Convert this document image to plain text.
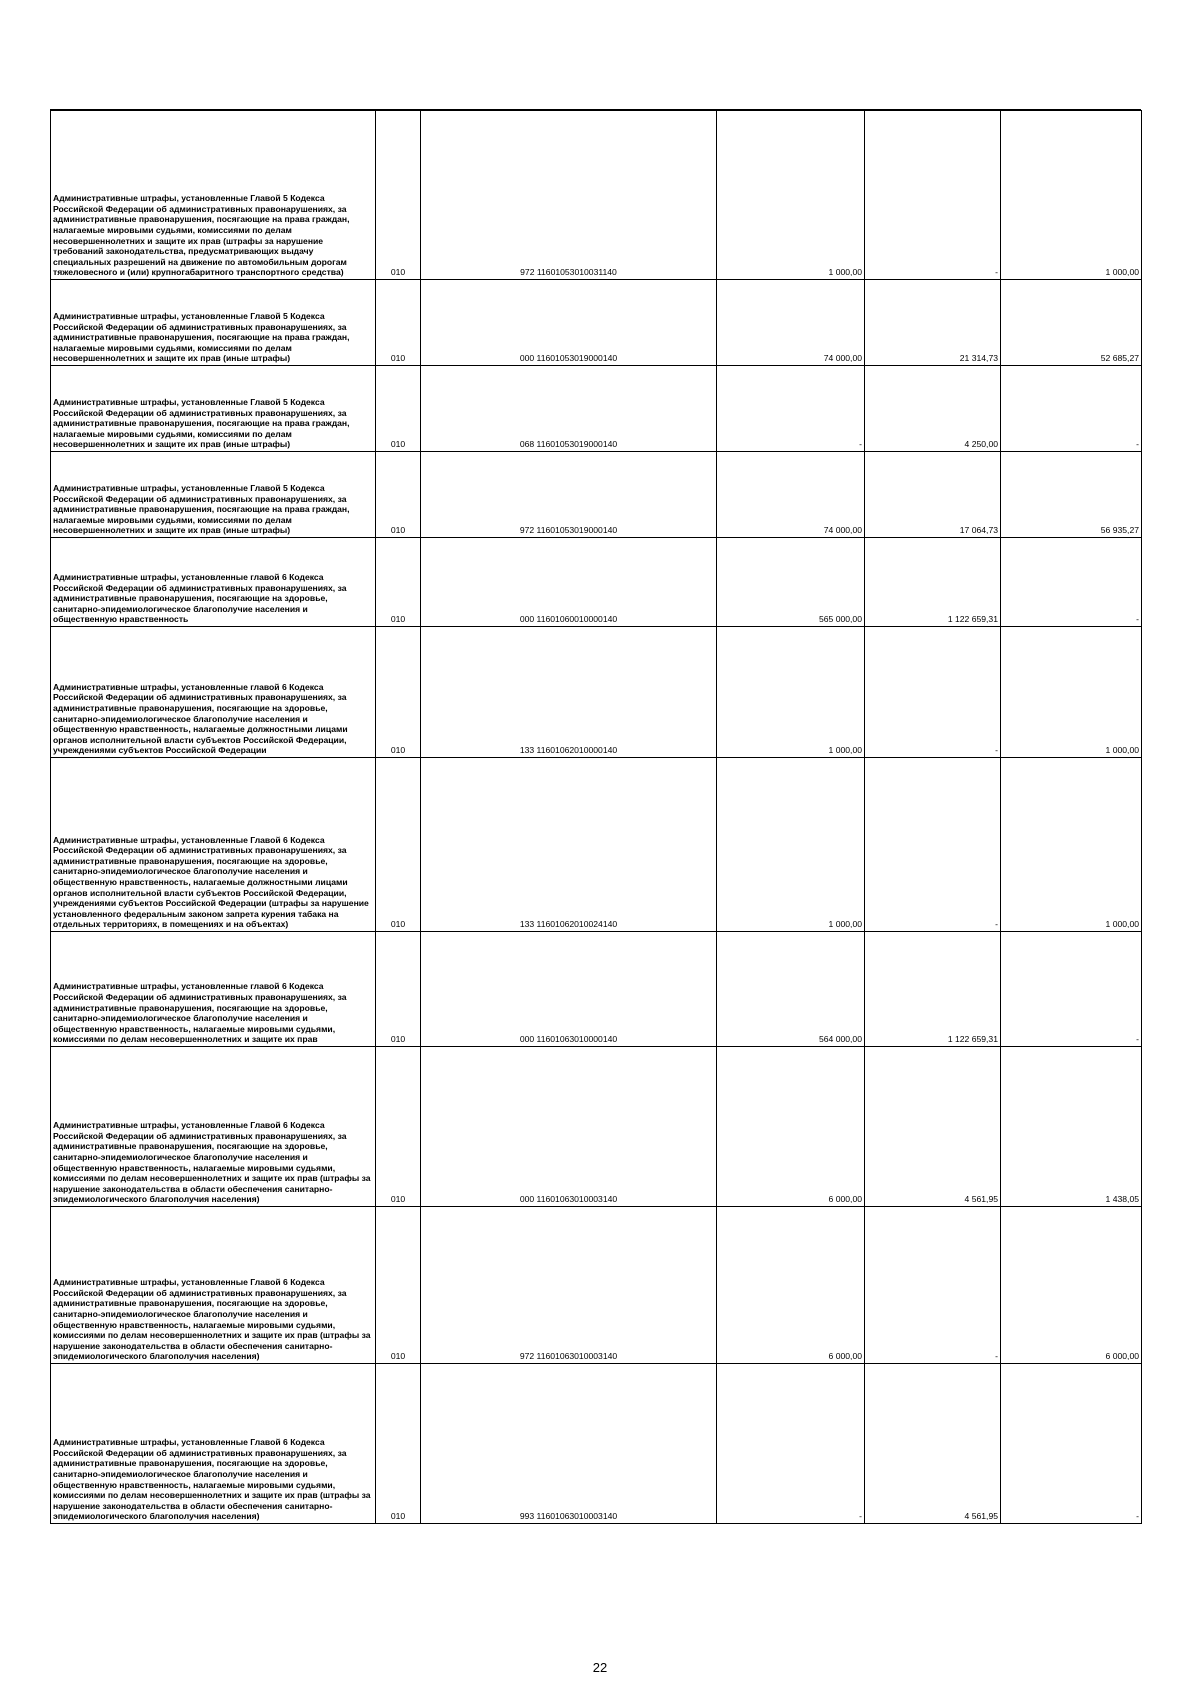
Административные штрафы, установленные Главой 5 Кодекса Российской Федерации об административных правонарушениях, за административные правонарушения, посягающие на права граждан, налагаемые мировыми судьями, комиссиями по делам несовершеннолетних и защите их прав (штрафы за нарушение требований законодательства, предусматривающих выдачу специальных разрешений на движение по автомобильным дорогам тяжеловесного и (или) крупногабаритного транспортного средства)	010	972 11601053010031140	1 000,00	-	1 000,00
Административные штрафы, установленные Главой 5 Кодекса Российской Федерации об административных правонарушениях, за административные правонарушения, посягающие на права граждан, налагаемые мировыми судьями, комиссиями по делам несовершеннолетних и защите их прав (иные штрафы)	010	000 11601053019000140	74 000,00	21 314,73	52 685,27
Административные штрафы, установленные Главой 5 Кодекса Российской Федерации об административных правонарушениях, за административные правонарушения, посягающие на права граждан, налагаемые мировыми судьями, комиссиями по делам несовершеннолетних и защите их прав (иные штрафы)	010	068 11601053019000140	-	4 250,00	-
Административные штрафы, установленные Главой 5 Кодекса Российской Федерации об административных правонарушениях, за административные правонарушения, посягающие на права граждан, налагаемые мировыми судьями, комиссиями по делам несовершеннолетних и защите их прав (иные штрафы)	010	972 11601053019000140	74 000,00	17 064,73	56 935,27
Административные штрафы, установленные главой 6 Кодекса Российской Федерации об административных правонарушениях, за административные правонарушения, посягающие на здоровье, санитарно-эпидемиологическое благополучие населения и общественную нравственность	010	000 11601060010000140	565 000,00	1 122 659,31	-
Административные штрафы, установленные главой 6 Кодекса Российской Федерации об административных правонарушениях, за административные правонарушения, посягающие на здоровье, санитарно-эпидемиологическое благополучие населения и общественную нравственность, налагаемые должностными лицами органов исполнительной власти субъектов Российской Федерации, учреждениями субъектов Российской Федерации	010	133 11601062010000140	1 000,00	-	1 000,00
Административные штрафы, установленные Главой 6 Кодекса Российской Федерации об административных правонарушениях, за административные правонарушения, посягающие на здоровье, санитарно-эпидемиологическое благополучие населения и общественную нравственность, налагаемые должностными лицами органов исполнительной власти субъектов Российской Федерации, учреждениями субъектов Российской Федерации (штрафы за нарушение установленного федеральным законом запрета курения табака на отдельных территориях, в помещениях и на объектах)	010	133 11601062010024140	1 000,00	-	1 000,00
Административные штрафы, установленные главой 6 Кодекса Российской Федерации об административных правонарушениях, за административные правонарушения, посягающие на здоровье, санитарно-эпидемиологическое благополучие населения и общественную нравственность, налагаемые мировыми судьями, комиссиями по делам несовершеннолетних и защите их прав	010	000 11601063010000140	564 000,00	1 122 659,31	-
Административные штрафы, установленные Главой 6 Кодекса Российской Федерации об административных правонарушениях, за административные правонарушения, посягающие на здоровье, санитарно-эпидемиологическое благополучие населения и общественную нравственность, налагаемые мировыми судьями, комиссиями по делам несовершеннолетних и защите их прав (штрафы за нарушение законодательства в области обеспечения санитарно-эпидемиологического благополучия населения)	010	000 11601063010003140	6 000,00	4 561,95	1 438,05
Административные штрафы, установленные Главой 6 Кодекса Российской Федерации об административных правонарушениях, за административные правонарушения, посягающие на здоровье, санитарно-эпидемиологическое благополучие населения и общественную нравственность, налагаемые мировыми судьями, комиссиями по делам несовершеннолетних и защите их прав (штрафы за нарушение законодательства в области обеспечения санитарно-эпидемиологического благополучия населения)	010	972 11601063010003140	6 000,00	-	6 000,00
Административные штрафы, установленные Главой 6 Кодекса Российской Федерации об административных правонарушениях, за административные правонарушения, посягающие на здоровье, санитарно-эпидемиологическое благополучие населения и общественную нравственность, налагаемые мировыми судьями, комиссиями по делам несовершеннолетних и защите их прав (штрафы за нарушение законодательства в области обеспечения санитарно-эпидемиологического благополучия населения)	010	993 11601063010003140	-	4 561,95	-
22
